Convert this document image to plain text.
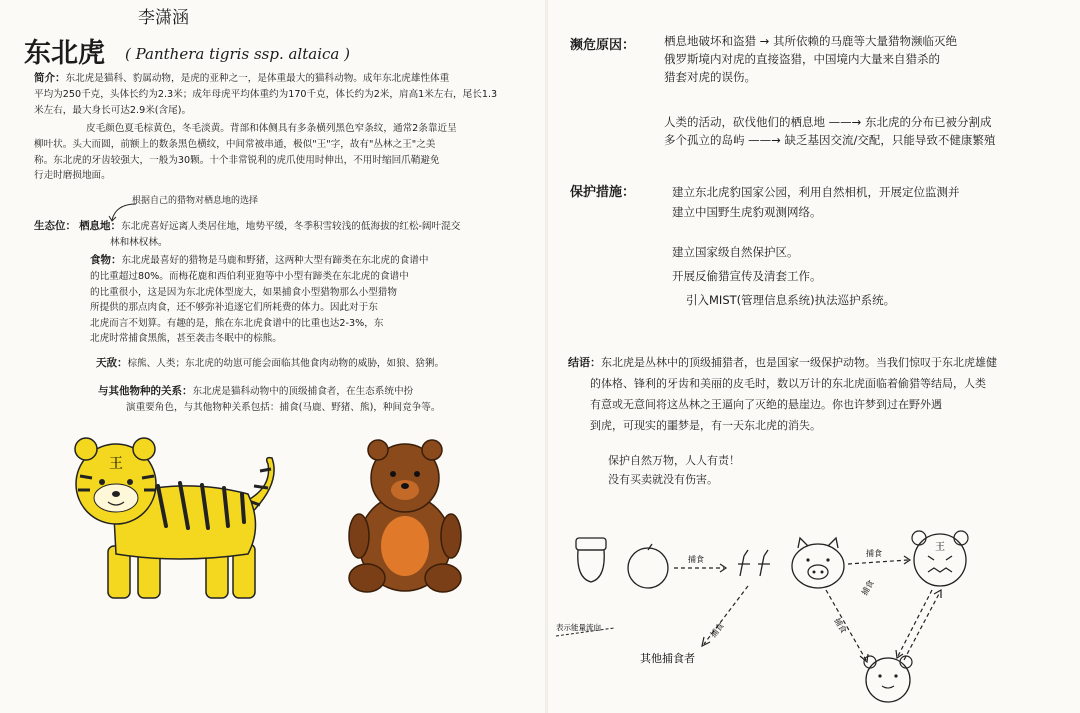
李潇涵
东北虎 ( Panthera tigris ssp. altaica )
简介：东北虎是猫科、豹属动物，是虎的亚种之一，是体重最大的猫科动物。成年东北虎雄性体重
平均为250千克，头体长约为2.3米；成年母虎平均体重约为170千克，体长约为2米，肩高1米左右，尾长1.3
米左右，最大身长可达2.9米(含尾)。
皮毛颜色夏毛棕黄色，冬毛淡黄。背部和体侧具有多条横列黑色窄条纹，通常2条靠近呈

柳叶状。头大而圆，前额上的数条黑色横纹，中间常被串通，极似"王"字，故有"丛林之王"之美
称。东北虎的牙齿较强大，一般为30颗。十个非常锐利的虎爪使用时伸出，不用时缩回爪鞘避免
行走时磨损地面。
根据自己的猎物对栖息地的选择
生态位： 栖息地：东北虎喜好远离人类居住地，地势平缓，冬季积雪较浅的低海拔的红松-阔叶混交
林和林权林。
食物：东北虎最喜好的猎物是马鹿和野猪，这两种大型有蹄类在东北虎的食谱中
的比重超过80%。而梅花鹿和西伯利亚狍等中小型有蹄类在东北虎的食谱中
的比重很小，这是因为东北虎体型庞大，如果捕食小型猎物那么小型猎物
所提供的那点肉食，还不够弥补追逐它们所耗费的体力。因此对于东
北虎而言不划算。有趣的是，熊在东北虎食谱中的比重也达2-3%，东
北虎时常捕食黑熊，甚至袭击冬眠中的棕熊。
天敌：棕熊、人类；东北虎的幼崽可能会面临其他食肉动物的威胁，如狼、猞猁。
与其他物种的关系：东北虎是猫科动物中的顶级捕食者，在生态系统中扮
演重要角色，与其他物种关系包括：捕食(马鹿、野猪、熊)，种间竞争等。
王
濒危原因：	栖息地破坏和盗猎 → 其所依赖的马鹿等大量猎物濒临灭绝
俄罗斯境内对虎的直接盗猎，中国境内大量来自猎杀的
猎套对虎的误伤。
人类的活动，砍伐他们的栖息地 ——→ 东北虎的分布已被分割成
多个孤立的岛屿 ——→ 缺乏基因交流/交配，只能导致不健康繁殖
保护措施：	建立东北虎豹国家公园，利用自然相机，开展定位监测并
建立中国野生虎豹观测网络。
建立国家级自然保护区。
开展反偷猎宣传及清套工作。
引入MIST(管理信息系统)执法巡护系统。
结语：东北虎是丛林中的顶级捕猎者，也是国家一级保护动物。当我们惊叹于东北虎雄健
的体格、锋利的牙齿和美丽的皮毛时，数以万计的东北虎面临着偷猎等结局，人类
有意或无意间将这丛林之王逼向了灭绝的悬崖边。你也许梦到过在野外遇
到虎，可现实的噩梦是，有一天东北虎的消失。
保护自然万物，人人有责！
没有买卖就没有伤害。
捕食
捕食
王
捕食
捕食
捕食
其他捕食者
表示能量流向
